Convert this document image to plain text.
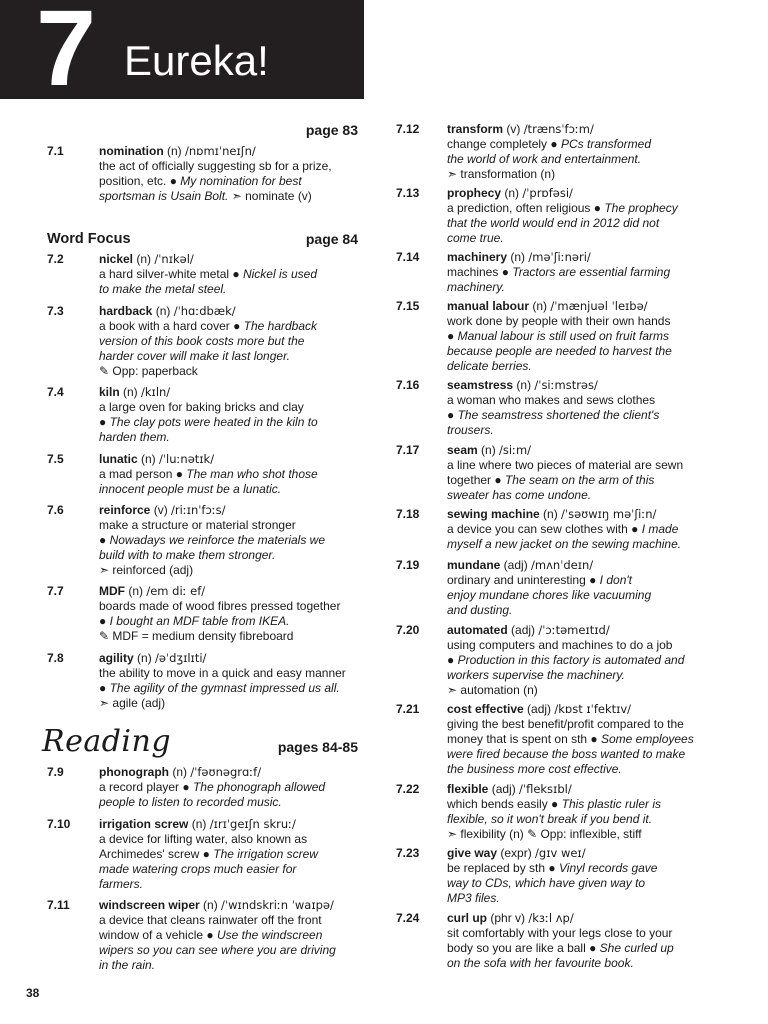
7 Eureka!
page 83
Word Focus	page 84
Reading	pages 84-85
7.1	nomination (n) /nɒmɪˈneɪʃn/
the act of officially suggesting sb for a prize,
position, etc. ● My nomination for best
sportsman is Usain Bolt. ➣ nominate (v)
7.2	nickel (n) /ˈnɪkəl/
a hard silver-white metal ● Nickel is used
to make the metal steel.
7.3	hardback (n) /ˈhɑːdbæk/
a book with a hard cover ● The hardback
version of this book costs more but the
harder cover will make it last longer.
✎ Opp: paperback
7.4	kiln (n) /kɪln/
a large oven for baking bricks and clay
● The clay pots were heated in the kiln to
harden them.
7.5	lunatic (n) /ˈluːnətɪk/
a mad person ● The man who shot those
innocent people must be a lunatic.
7.6	reinforce (v) /riːɪnˈfɔːs/
make a structure or material stronger
● Nowadays we reinforce the materials we
build with to make them stronger.
➣ reinforced (adj)
7.7	MDF (n) /em diː ef/
boards made of wood fibres pressed together
● I bought an MDF table from IKEA.
✎ MDF = medium density fibreboard
7.8	agility (n) /əˈdʒɪlɪti/
the ability to move in a quick and easy manner
● The agility of the gymnast impressed us all.
➣ agile (adj)
7.9	phonograph (n) /ˈfəʊnəgrɑːf/
a record player ● The phonograph allowed
people to listen to recorded music.
7.10 irrigation screw (n) /ɪrɪˈgeɪʃn skruː/
a device for lifting water, also known as
Archimedes' screw ● The irrigation screw
made watering crops much easier for
farmers.
7.11 windscreen wiper (n) /ˈwɪndskriːn ˈwaɪpə/
a device that cleans rainwater off the front
window of a vehicle ● Use the windscreen
wipers so you can see where you are driving
in the rain.
7.12 transform (v) /trænsˈfɔːm/
change completely ● PCs transformed
the world of work and entertainment.
➣ transformation (n)
7.13 prophecy (n) /ˈprɒfəsi/
a prediction, often religious ● The prophecy
that the world would end in 2012 did not
come true.
7.14 machinery (n) /məˈʃiːnəri/
machines ● Tractors are essential farming
machinery.
7.15 manual labour (n) /ˈmænjuəl ˈleɪbə/
work done by people with their own hands
● Manual labour is still used on fruit farms
because people are needed to harvest the
delicate berries.
7.16 seamstress (n) /ˈsiːmstrəs/
a woman who makes and sews clothes
● The seamstress shortened the client's
trousers.
7.17 seam (n) /siːm/
a line where two pieces of material are sewn
together ● The seam on the arm of this
sweater has come undone.
7.18 sewing machine (n) /ˈsəʊwɪŋ məˈʃiːn/
a device you can sew clothes with ● I made
myself a new jacket on the sewing machine.
7.19 mundane (adj) /mʌnˈdeɪn/
ordinary and uninteresting ● I don't
enjoy mundane chores like vacuuming
and dusting.
7.20 automated (adj) /ˈɔːtəmeɪtɪd/
using computers and machines to do a job
● Production in this factory is automated and
workers supervise the machinery.
➣ automation (n)
7.21 cost effective (adj) /kɒst ɪˈfektɪv/
giving the best benefit/profit compared to the
money that is spent on sth ● Some employees
were fired because the boss wanted to make
the business more cost effective.
7.22 flexible (adj) /ˈfleksɪbl/
which bends easily ● This plastic ruler is
flexible, so it won't break if you bend it.
➣ flexibility (n) ✎ Opp: inflexible, stiff
7.23 give way (expr) /gɪv weɪ/
be replaced by sth ● Vinyl records gave
way to CDs, which have given way to
MP3 files.
7.24 curl up (phr v) /kɜːl ʌp/
sit comfortably with your legs close to your
body so you are like a ball ● She curled up
on the sofa with her favourite book.
38
